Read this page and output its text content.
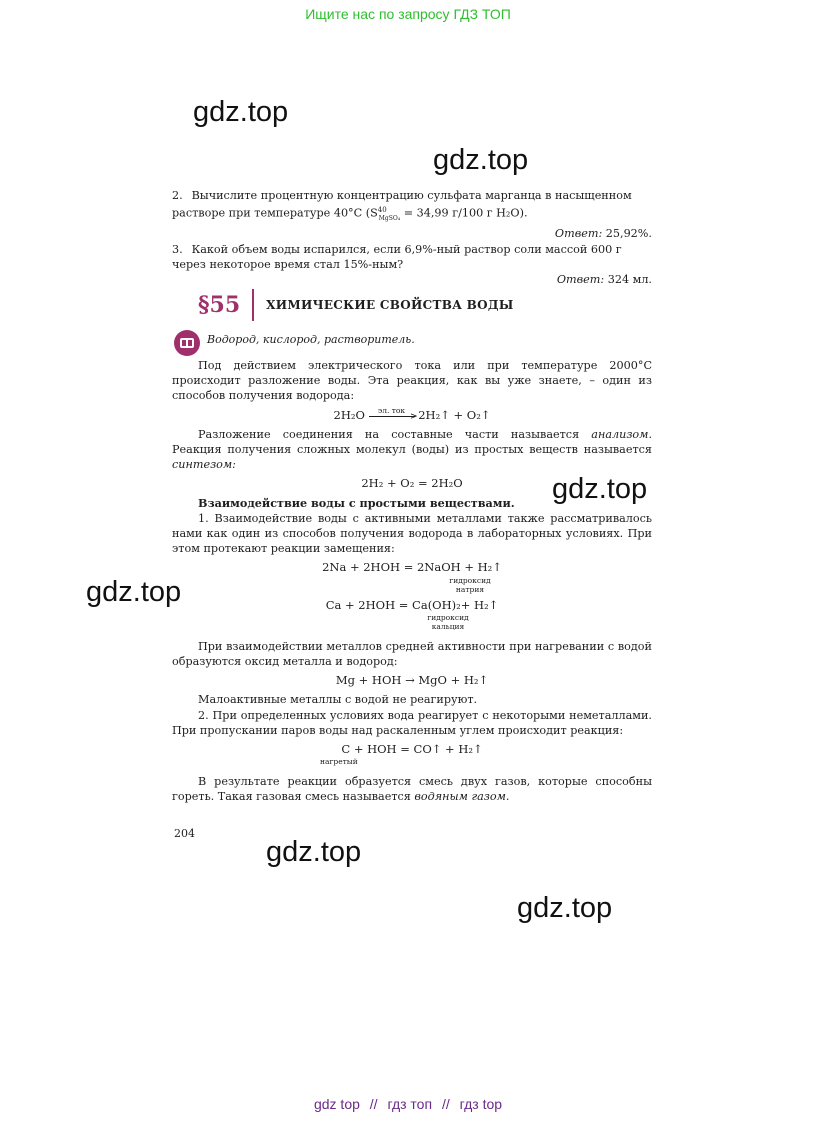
Ищите нас по запросу ГДЗ ТОП
gdz.top
gdz.top
gdz.top
gdz.top
gdz.top
gdz.top
2. Вычислите процентную концентрацию сульфата марганца в насыщенном
растворе при температуре 40°C ($S^{40}_{MgSO_4} = 34,99$ г/100 г H₂O).
Ответ: 25,92%.
3. Какой объем воды испарился, если 6,9%-ный раствор соли массой 600 г
через некоторое время стал 15%-ным?
Ответ: 324 мл.
§55 ХИМИЧЕСКИЕ СВОЙСТВА ВОДЫ
Водород, кислород, растворитель.
Под действием электрического тока или при температуре 2000°C происходит разложение воды. Эта реакция, как вы уже знаете, – один из способов получения водорода:
2H₂O	эл. ток
> 2H₂↑ + O₂↑
Разложение соединения на составные части называется анализом. Реакция получения сложных молекул (воды) из простых веществ называется синтезом:
2H₂ + O₂ = 2H₂O
Взаимодействие воды с простыми веществами.
1. Взаимодействие воды с активными металлами также рассматривалось нами как один из способов получения водорода в лабораторных условиях. При этом протекают реакции замещения:
2Na + 2HOH = 2NaOH + H₂↑
гидроксид
натрия
Ca + 2HOH = Ca(OH)₂+ H₂↑
гидроксид
кальция
При взаимодействии металлов средней активности при нагревании с водой образуются оксид металла и водород:
Mg + HOH → MgO + H₂↑
Малоактивные металлы с водой не реагируют.
2. При определенных условиях вода реагирует с некоторыми неметаллами. При пропускании паров воды над раскаленным углем происходит реакция:
C + HOH = CO↑ + H₂↑
нагретый
В результате реакции образуется смесь двух газов, которые способны гореть. Такая газовая смесь называется водяным газом.
204
gdz top // гдз топ // гдз top
